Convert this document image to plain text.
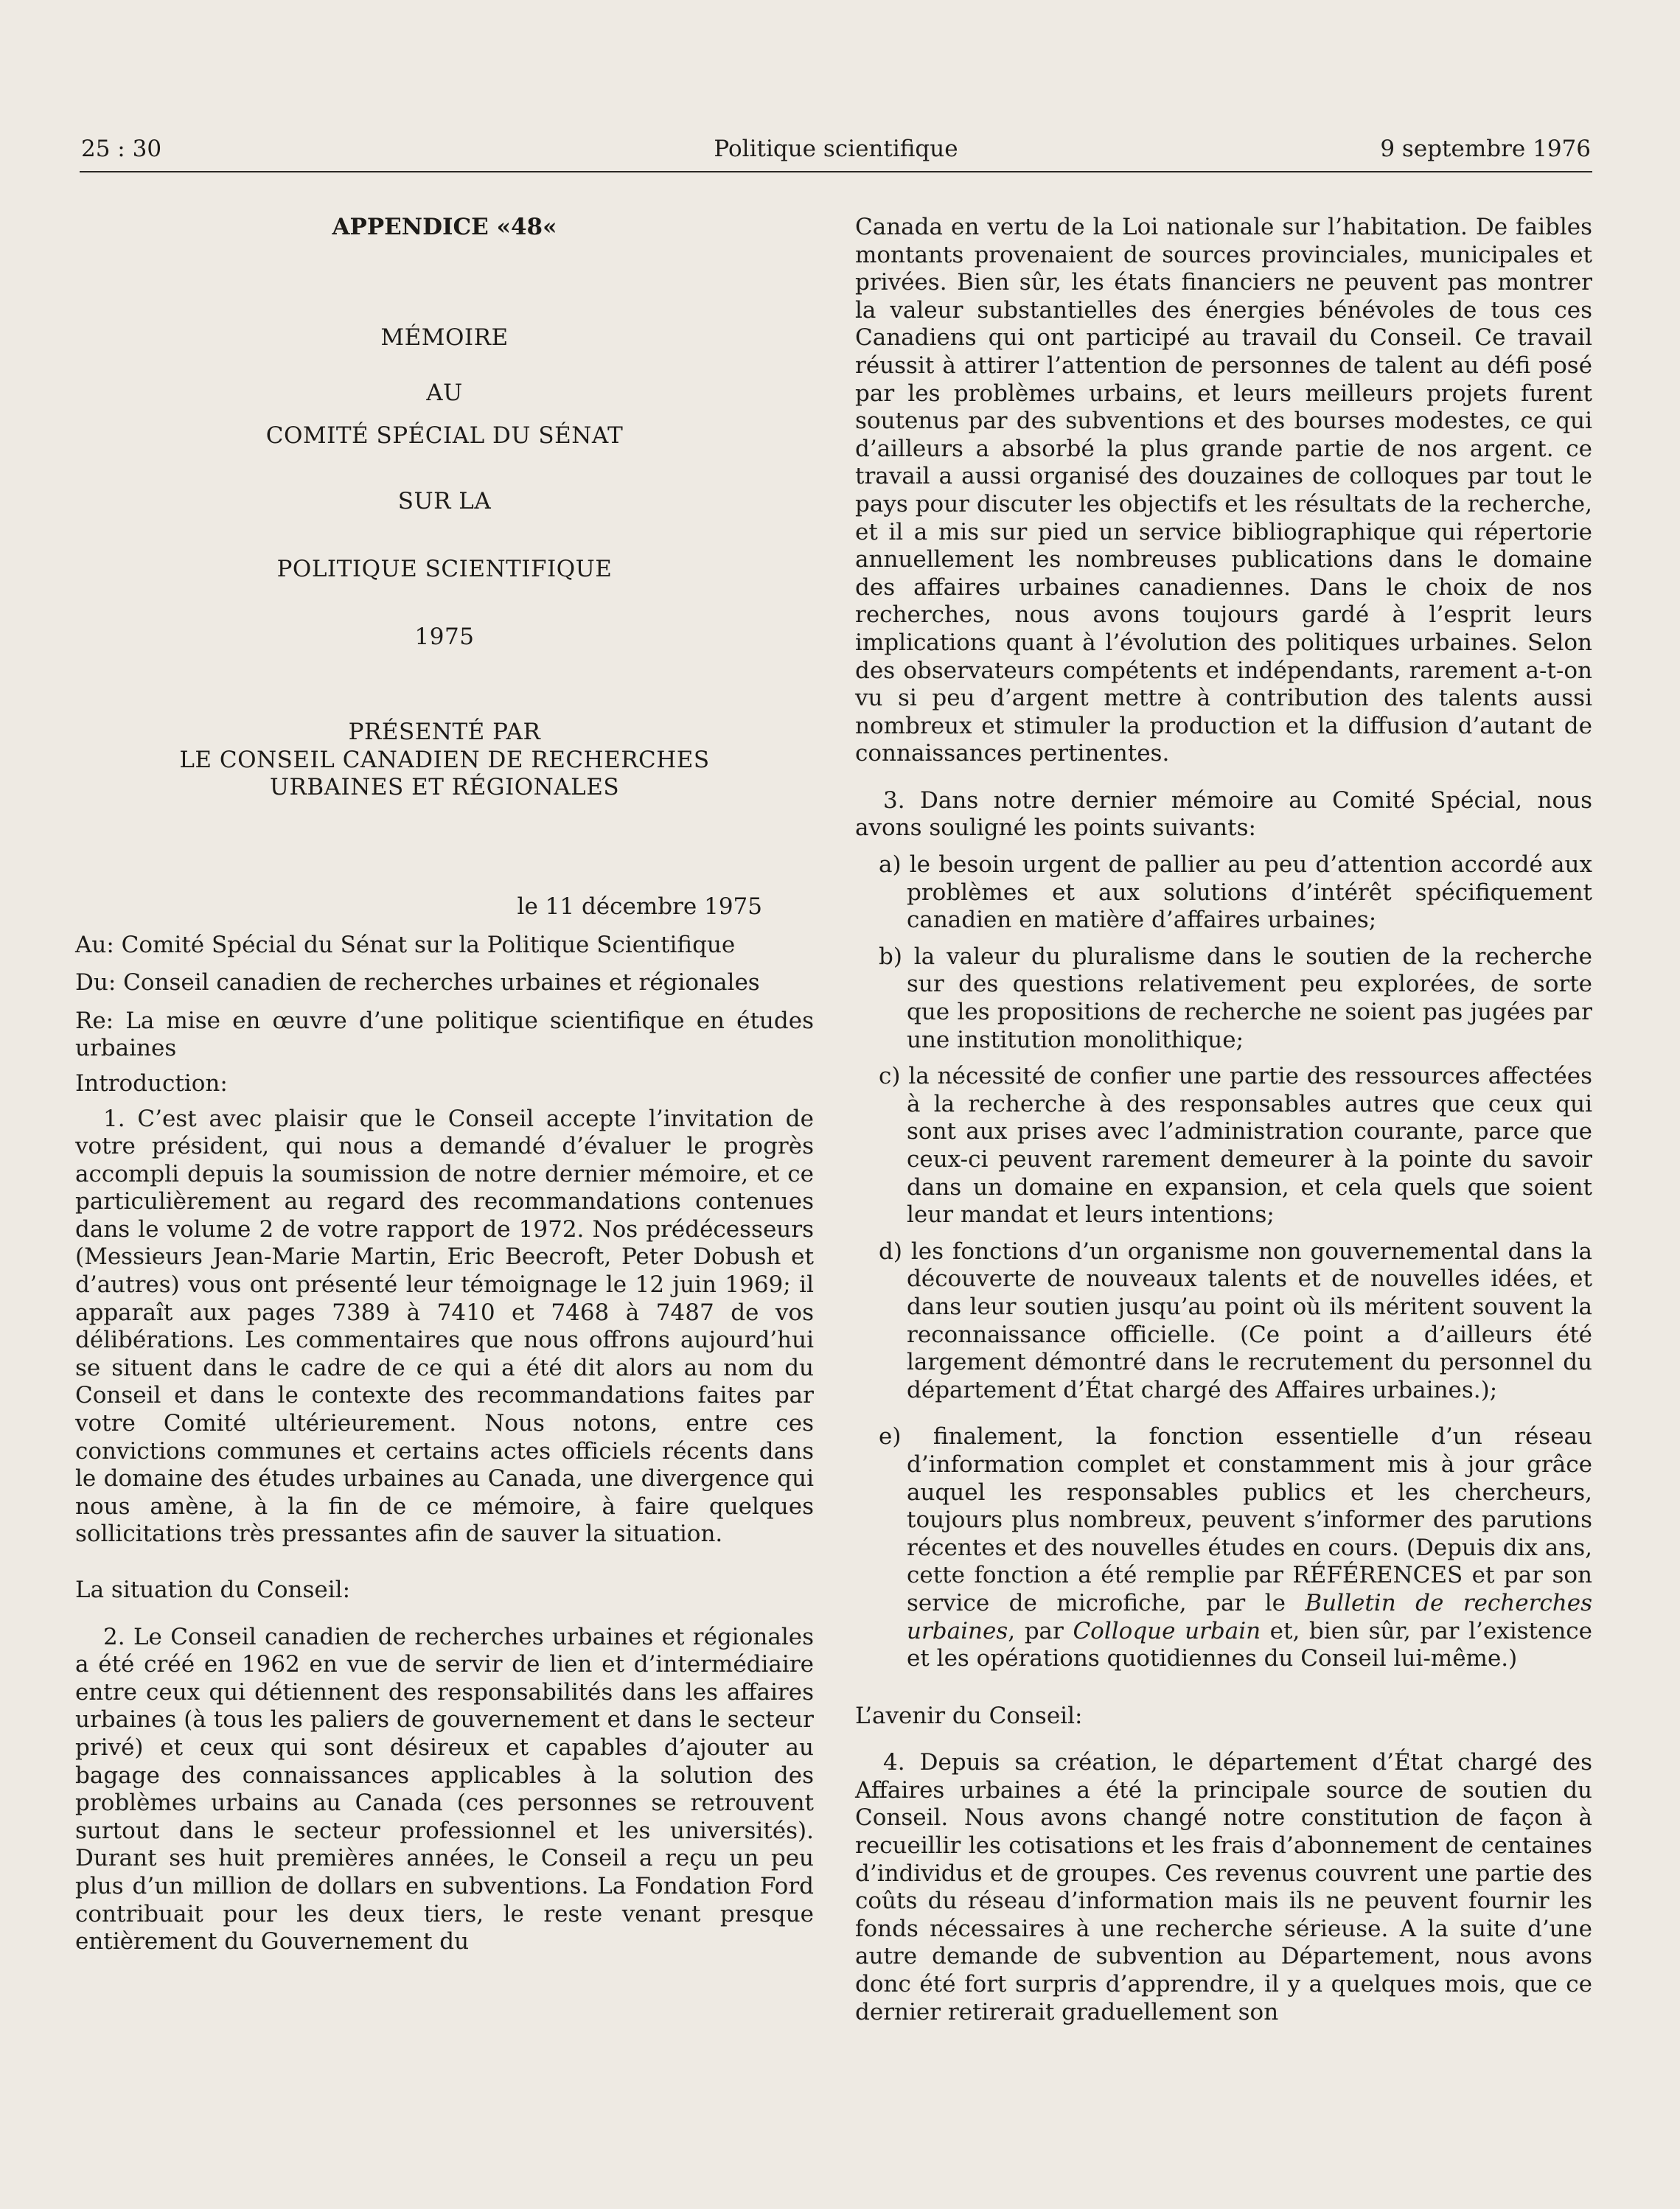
25 : 30	Politique scientifique	9 septembre 1976
APPENDICE «48«
MÉMOIRE
AU
COMITÉ SPÉCIAL DU SÉNAT
SUR LA
POLITIQUE SCIENTIFIQUE
1975
PRÉSENTÉ PAR
LE CONSEIL CANADIEN DE RECHERCHES
URBAINES ET RÉGIONALES

le 11 décembre 1975

Au: Comité Spécial du Sénat sur la Politique Scientifique

Du: Conseil canadien de recherches urbaines et régionales

Re: La mise en œuvre d’une politique scientifique en études urbaines

Introduction:

1. C’est avec plaisir que le Conseil accepte l’invitation de votre président, qui nous a demandé d’évaluer le progrès accompli depuis la soumission de notre dernier mémoire, et ce particulièrement au regard des recommandations contenues dans le volume 2 de votre rapport de 1972. Nos prédécesseurs (Messieurs Jean-Marie Martin, Eric Beecroft, Peter Dobush et d’autres) vous ont présenté leur témoignage le 12 juin 1969; il apparaît aux pages 7389 à 7410 et 7468 à 7487 de vos délibérations. Les commentaires que nous offrons aujourd’hui se situent dans le cadre de ce qui a été dit alors au nom du Conseil et dans le contexte des recommandations faites par votre Comité ultérieurement. Nous notons, entre ces convictions communes et certains actes officiels récents dans le domaine des études urbaines au Canada, une divergence qui nous amène, à la fin de ce mémoire, à faire quelques sollicitations très pressantes afin de sauver la situation.

La situation du Conseil:

2. Le Conseil canadien de recherches urbaines et régionales a été créé en 1962 en vue de servir de lien et d’intermédiaire entre ceux qui détiennent des responsabilités dans les affaires urbaines (à tous les paliers de gouvernement et dans le secteur privé) et ceux qui sont désireux et capables d’ajouter au bagage des connaissances applicables à la solution des problèmes urbains au Canada (ces personnes se retrouvent surtout dans le secteur professionnel et les universités). Durant ses huit premières années, le Conseil a reçu un peu plus d’un million de dollars en subventions. La Fondation Ford contribuait pour les deux tiers, le reste venant presque entièrement du Gouvernement du

Canada en vertu de la Loi nationale sur l’habitation. De faibles montants provenaient de sources provinciales, municipales et privées. Bien sûr, les états financiers ne peuvent pas montrer la valeur substantielles des énergies bénévoles de tous ces Canadiens qui ont participé au travail du Conseil. Ce travail réussit à attirer l’attention de personnes de talent au défi posé par les problèmes urbains, et leurs meilleurs projets furent soutenus par des subventions et des bourses modestes, ce qui d’ailleurs a absorbé la plus grande partie de nos argent. ce travail a aussi organisé des douzaines de colloques par tout le pays pour discuter les objectifs et les résultats de la recherche, et il a mis sur pied un service bibliographique qui répertorie annuellement les nombreuses publications dans le domaine des affaires urbaines canadiennes. Dans le choix de nos recherches, nous avons toujours gardé à l’esprit leurs implications quant à l’évolution des politiques urbaines. Selon des observateurs compétents et indépendants, rarement a-t-on vu si peu d’argent mettre à contribution des talents aussi nombreux et stimuler la production et la diffusion d’autant de connaissances pertinentes.

3. Dans notre dernier mémoire au Comité Spécial, nous avons souligné les points suivants:

a) le besoin urgent de pallier au peu d’attention accordé aux problèmes et aux solutions d’intérêt spécifiquement canadien en matière d’affaires urbaines;

b) la valeur du pluralisme dans le soutien de la recherche sur des questions relativement peu explorées, de sorte que les propositions de recherche ne soient pas jugées par une institution monolithique;

c) la nécessité de confier une partie des ressources affectées à la recherche à des responsables autres que ceux qui sont aux prises avec l’administration courante, parce que ceux-ci peuvent rarement demeurer à la pointe du savoir dans un domaine en expansion, et cela quels que soient leur mandat et leurs intentions;

d) les fonctions d’un organisme non gouvernemental dans la découverte de nouveaux talents et de nouvelles idées, et dans leur soutien jusqu’au point où ils méritent souvent la reconnaissance officielle. (Ce point a d’ailleurs été largement démontré dans le recrutement du personnel du département d’État chargé des Affaires urbaines.);

e) finalement, la fonction essentielle d’un réseau d’information complet et constamment mis à jour grâce auquel les responsables publics et les chercheurs, toujours plus nombreux, peuvent s’informer des parutions récentes et des nouvelles études en cours. (Depuis dix ans, cette fonction a été remplie par RÉFÉRENCES et par son service de microfiche, par le Bulletin de recherches urbaines, par Colloque urbain et, bien sûr, par l’existence et les opérations quotidiennes du Conseil lui-même.)

L’avenir du Conseil:

4. Depuis sa création, le département d’État chargé des Affaires urbaines a été la principale source de soutien du Conseil. Nous avons changé notre constitution de façon à recueillir les cotisations et les frais d’abonnement de centaines d’individus et de groupes. Ces revenus couvrent une partie des coûts du réseau d’information mais ils ne peuvent fournir les fonds nécessaires à une recherche sérieuse. A la suite d’une autre demande de subvention au Département, nous avons donc été fort surpris d’apprendre, il y a quelques mois, que ce dernier retirerait graduellement son
